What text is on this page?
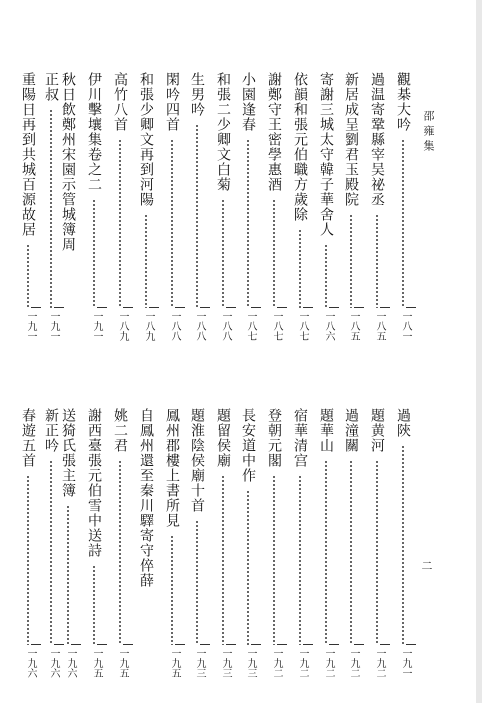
邵雍集
二
觀棊大吟
一八一
過温寄鞏縣宰吴祕丞
一八五
新居成呈劉君玉殿院
一八五
寄謝三城太守韓子華舍人
一八六
依韻和張元伯職方歲除
一八七
謝鄭守王密學惠酒
一八七
小園逢春
一八七
和張二少卿文白菊
一八八
生男吟
一八八
閑吟四首
一八八
和張少卿文再到河陽
一八九
高竹八首
一八九
伊川擊壤集卷之二
一九一
秋日飲鄭州宋園示管城簿周
正叔
一九一
重陽日再到共城百源故居
一九一
過陝
一九一
題黄河
一九二
過潼關
一九二
題華山
一九二
宿華清宫
一九二
登朝元閣
一九二
長安道中作
一九三
題留侯廟
一九三
題淮陰侯廟十首
一九三
鳳州郡樓上書所見
一九五
自鳳州還至秦川驛寄守倅薛
姚二君
一九五
謝西臺張元伯雪中送詩
一九五
送猗氏張主簿
一九六
新正吟
一九六
春遊五首
一九六
